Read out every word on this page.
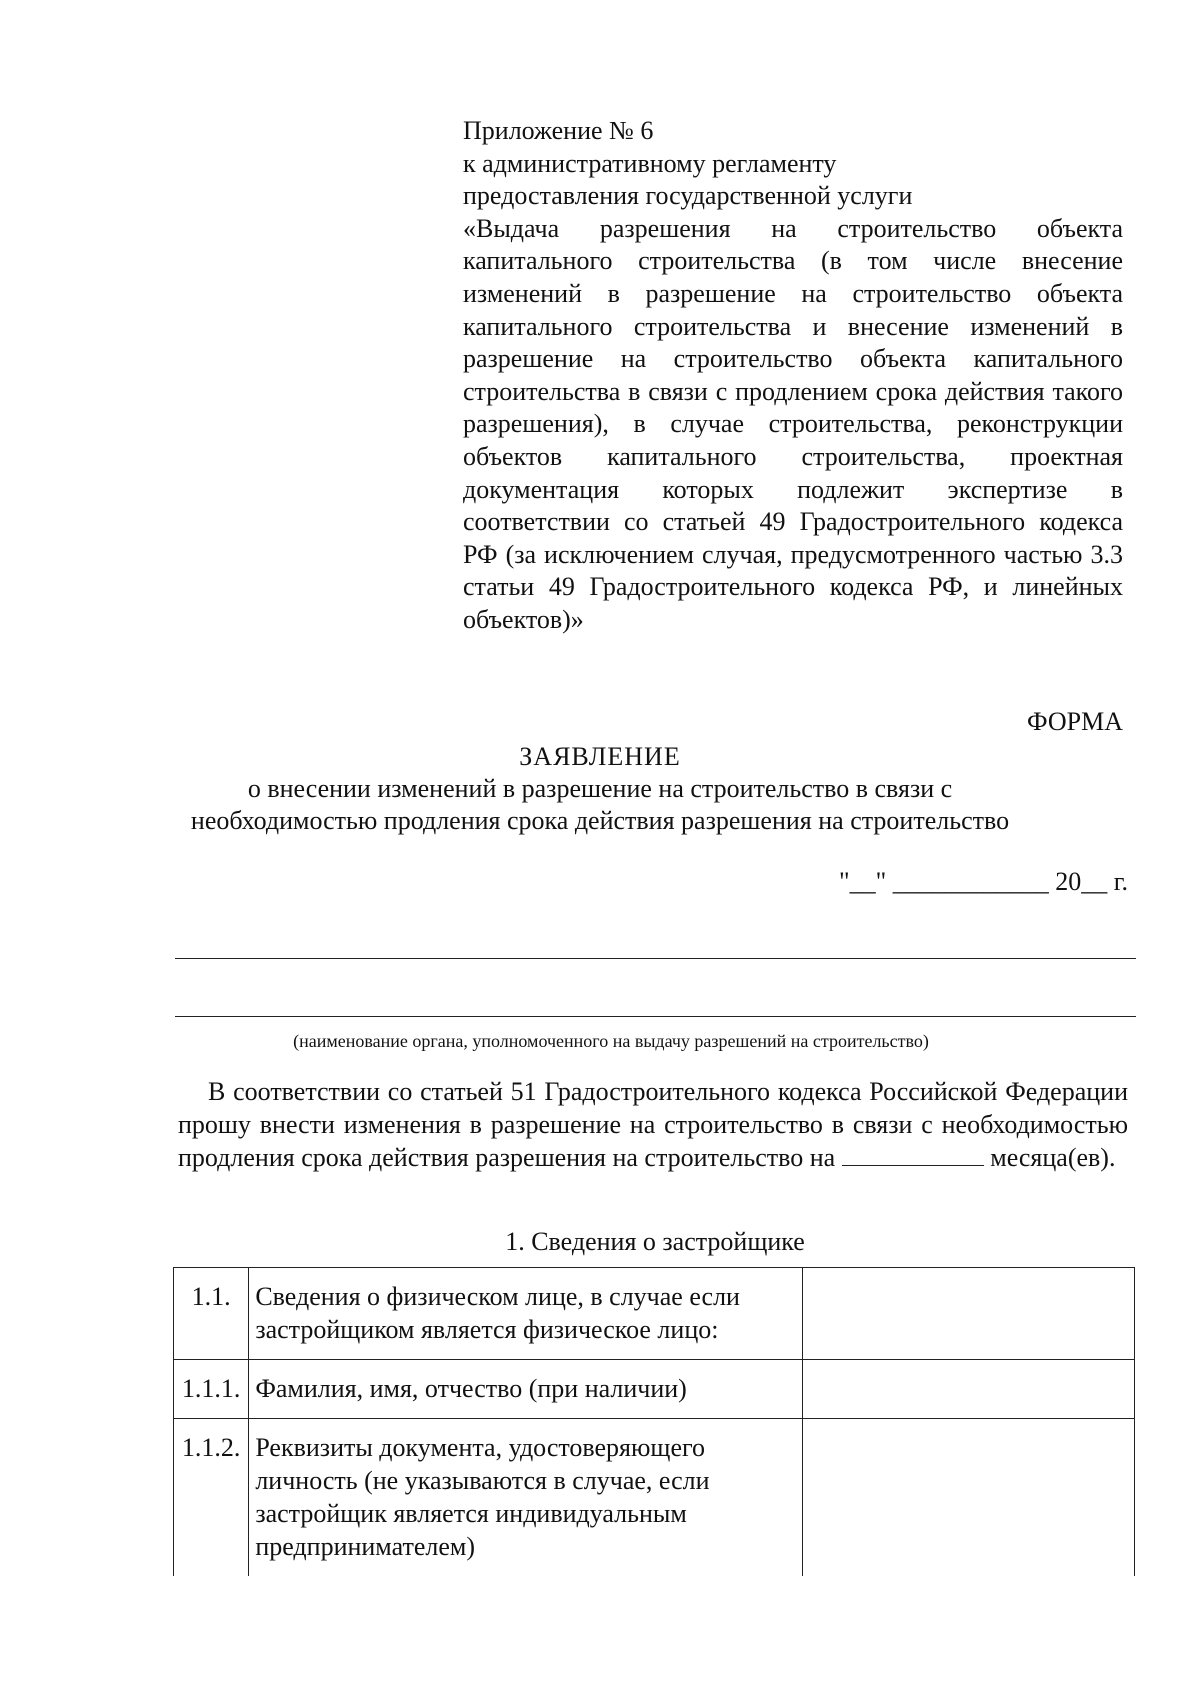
Приложение № 6
к административному регламенту
предоставления государственной услуги

«Выдача разрешения на строительство объекта капитального строительства (в том числе внесение изменений в разрешение на строительство объекта капитального строительства и внесение изменений в разрешение на строительство объекта капитального строительства в связи с продлением срока действия такого разрешения), в случае строительства, реконструкции объектов капитального строительства, проектная документация которых подлежит экспертизе в соответствии со статьей 49 Градостроительного кодекса РФ (за исключением случая, предусмотренного частью 3.3 статьи 49 Градостроительного кодекса РФ, и линейных объектов)»

ФОРМА
ЗАЯВЛЕНИЕ
о внесении изменений в разрешение на строительство в связи с
необходимостью продления срока действия разрешения на строительство
"__" ____________ 20__ г.
(наименование органа, уполномоченного на выдачу разрешений на строительство)

В соответствии со статьей 51 Градостроительного кодекса Российской Федерации прошу внести изменения в разрешение на строительство в связи с необходимостью продления срока действия разрешения на строительство на	месяца(ев).

1. Сведения о застройщике
1.1.	Сведения о физическом лице, в случае если застройщиком является физическое лицо:	
1.1.1.	Фамилия, имя, отчество (при наличии)	
1.1.2.	Реквизиты документа, удостоверяющего личность (не указываются в случае, если застройщик является индивидуальным предпринимателем)	
